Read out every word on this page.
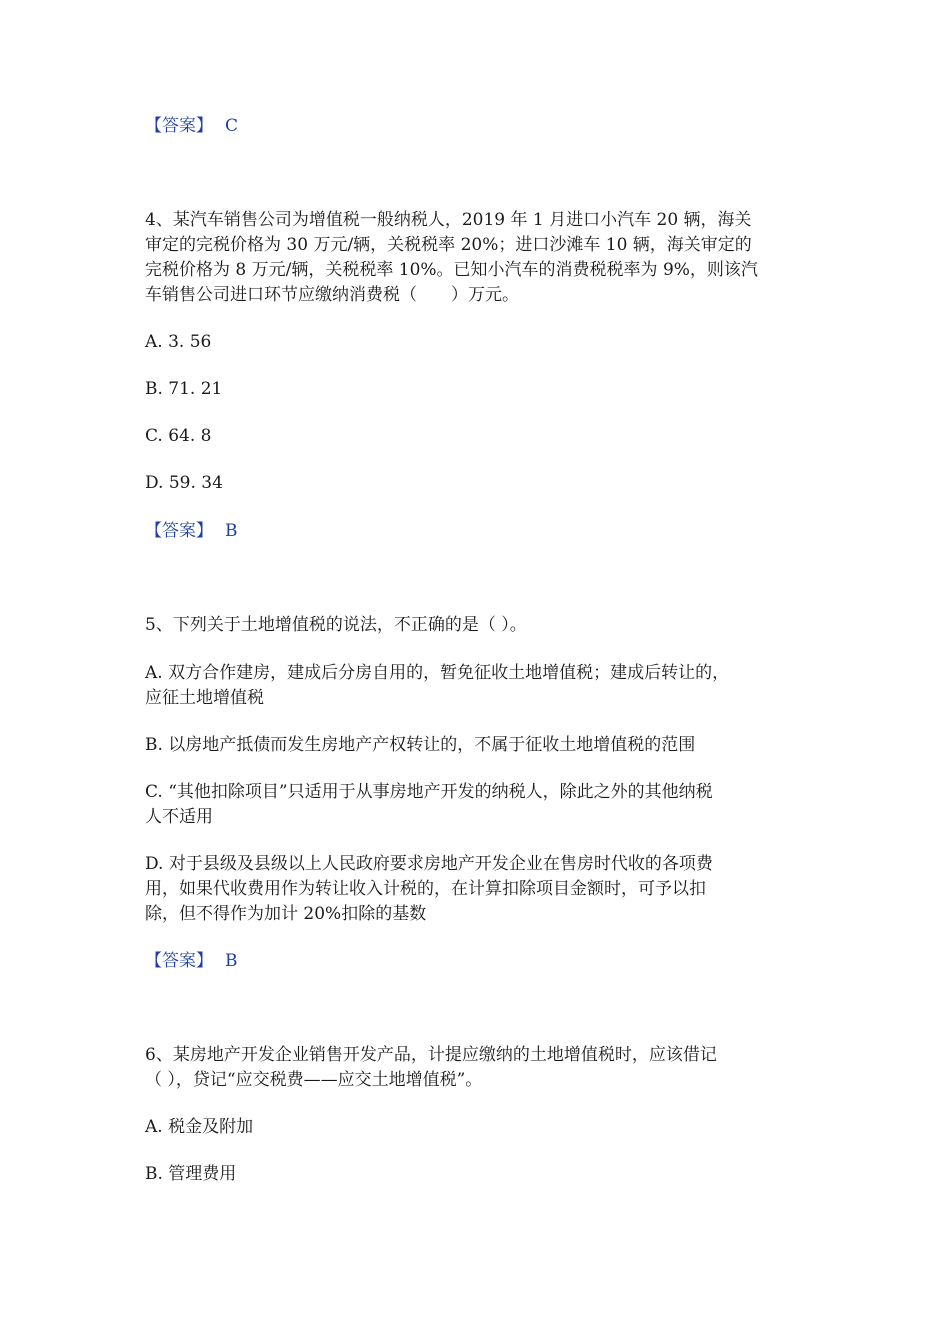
【答案】 C
4、某汽车销售公司为增值税一般纳税人，2019 年 1 月进口小汽车 20 辆，海关
审定的完税价格为 30 万元/辆，关税税率 20%；进口沙滩车 10 辆，海关审定的
完税价格为 8 万元/辆，关税税率 10%。已知小汽车的消费税税率为 9%，则该汽
车销售公司进口环节应缴纳消费税（　　）万元。
A. 3. 56
B. 71. 21
C. 64. 8
D. 59. 34
【答案】 B
5、下列关于土地增值税的说法，不正确的是（ ）。
A. 双方合作建房，建成后分房自用的，暂免征收土地增值税；建成后转让的，
应征土地增值税
B. 以房地产抵债而发生房地产产权转让的，不属于征收土地增值税的范围
C. “其他扣除项目”只适用于从事房地产开发的纳税人，除此之外的其他纳税
人不适用
D. 对于县级及县级以上人民政府要求房地产开发企业在售房时代收的各项费
用，如果代收费用作为转让收入计税的，在计算扣除项目金额时，可予以扣
除，但不得作为加计 20%扣除的基数
【答案】 B
6、某房地产开发企业销售开发产品，计提应缴纳的土地增值税时，应该借记
（ ），贷记“应交税费——应交土地增值税”。
A. 税金及附加
B. 管理费用
